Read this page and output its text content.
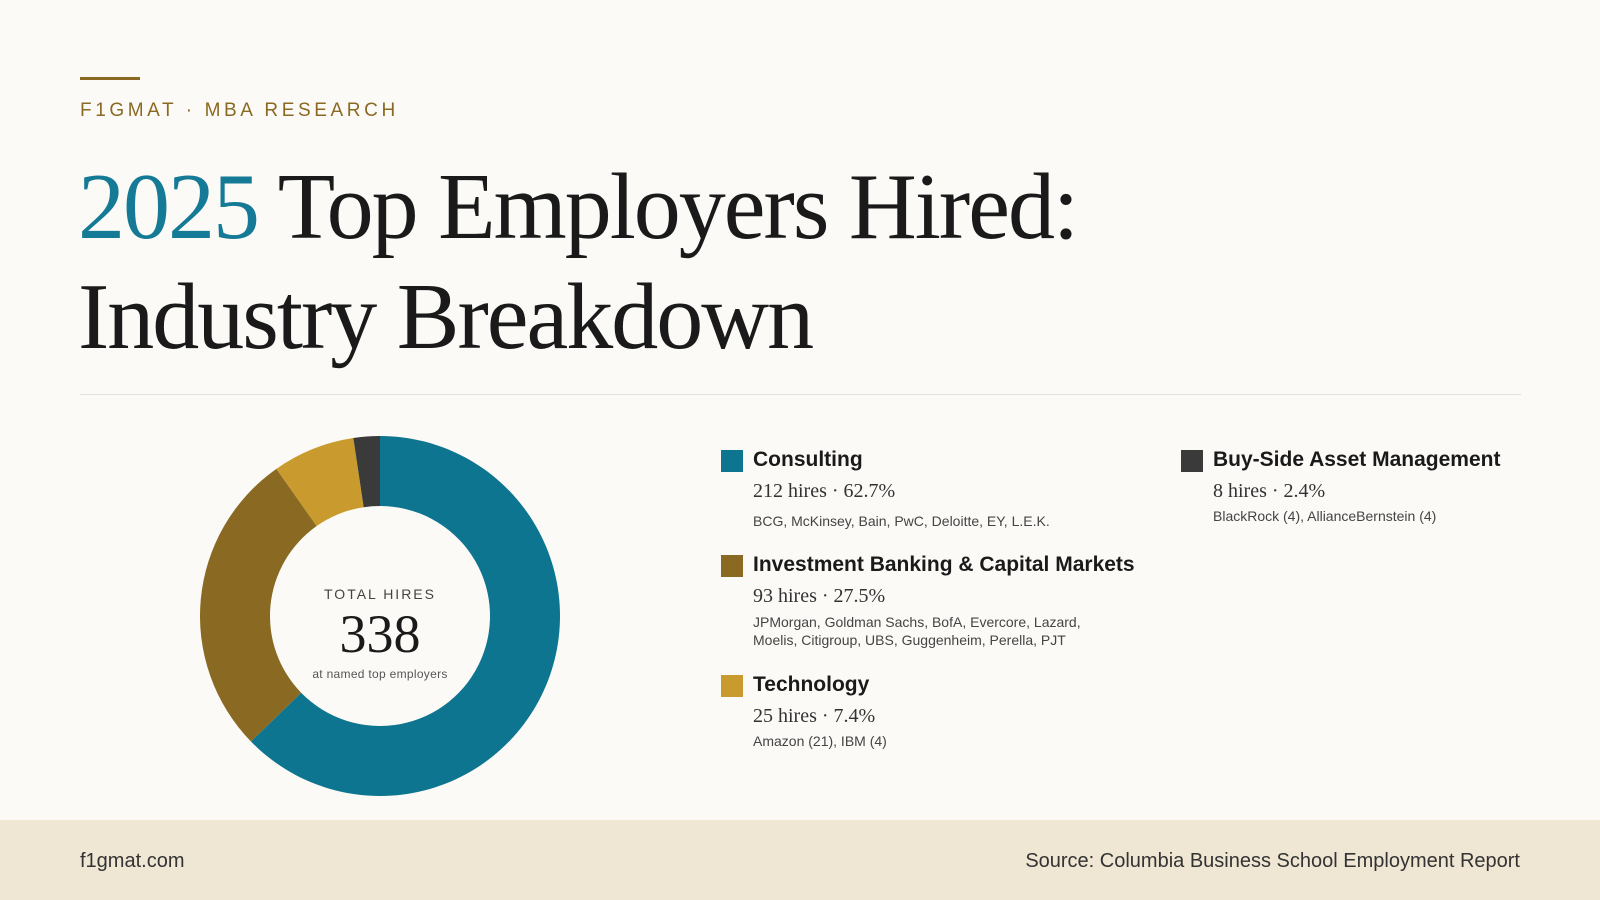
F1GMAT · MBA RESEARCH
2025 Top Employers Hired:
Industry Breakdown
TOTAL HIRES
338
at named top employers
Consulting
212 hires · 62.7%
BCG, McKinsey, Bain, PwC, Deloitte, EY, L.E.K.
Investment Banking & Capital Markets
93 hires · 27.5%
JPMorgan, Goldman Sachs, BofA, Evercore, Lazard, Moelis, Citigroup, UBS, Guggenheim, Perella, PJT
Technology
25 hires · 7.4%
Amazon (21), IBM (4)
Buy-Side Asset Management
8 hires · 2.4%
BlackRock (4), AllianceBernstein (4)
f1gmat.com	Source: Columbia Business School Employment Report
